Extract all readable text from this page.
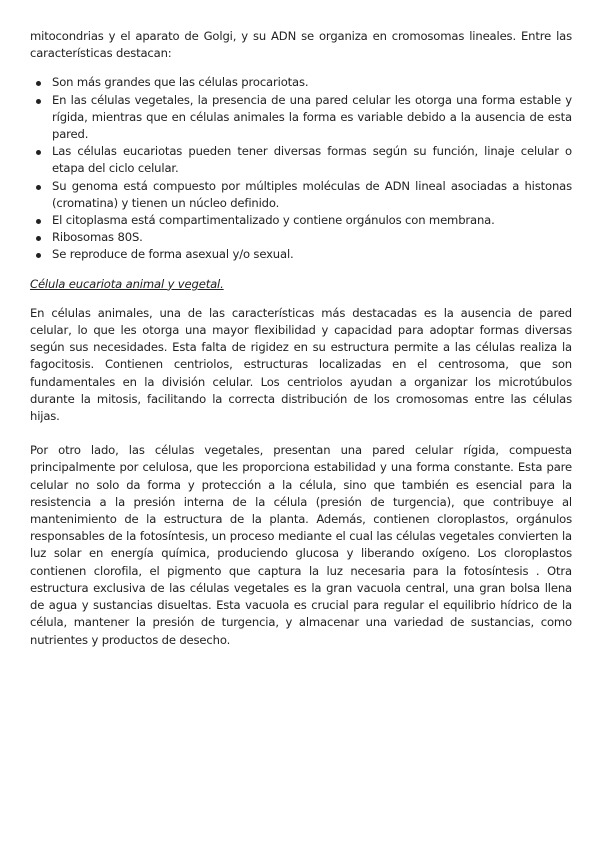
mitocondrias y el aparato de Golgi, y su ADN se organiza en cromosomas lineales. Entre las características destacan:

Son más grandes que las células procariotas.
En las células vegetales, la presencia de una pared celular les otorga una forma estable y rígida, mientras que en células animales la forma es variable debido a la ausencia de esta pared.
Las células eucariotas pueden tener diversas formas según su función, linaje celular o etapa del ciclo celular.
Su genoma está compuesto por múltiples moléculas de ADN lineal asociadas a histonas (cromatina) y tienen un núcleo definido.
El citoplasma está compartimentalizado y contiene orgánulos con membrana.
Ribosomas 80S.
Se reproduce de forma asexual y/o sexual.

Célula eucariota animal y vegetal.

En células animales, una de las características más destacadas es la ausencia de pared celular, lo que les otorga una mayor flexibilidad y capacidad para adoptar formas diversas según sus necesidades. Esta falta de rigidez en su estructura permite a las células realiza la fagocitosis. Contienen centriolos, estructuras localizadas en el centrosoma, que son fundamentales en la división celular. Los centriolos ayudan a organizar los microtúbulos durante la mitosis, facilitando la correcta distribución de los cromosomas entre las células hijas.

Por otro lado, las células vegetales, presentan una pared celular rígida, compuesta principalmente por celulosa, que les proporciona estabilidad y una forma constante. Esta pare celular no solo da forma y protección a la célula, sino que también es esencial para la resistencia a la presión interna de la célula (presión de turgencia), que contribuye al mantenimiento de la estructura de la planta. Además, contienen cloroplastos, orgánulos responsables de la fotosíntesis, un proceso mediante el cual las células vegetales convierten la luz solar en energía química, produciendo glucosa y liberando oxígeno. Los cloroplastos contienen clorofila, el pigmento que captura la luz necesaria para la fotosíntesis . Otra estructura exclusiva de las células vegetales es la gran vacuola central, una gran bolsa llena de agua y sustancias disueltas. Esta vacuola es crucial para regular el equilibrio hídrico de la célula, mantener la presión de turgencia, y almacenar una variedad de sustancias, como nutrientes y productos de desecho.
